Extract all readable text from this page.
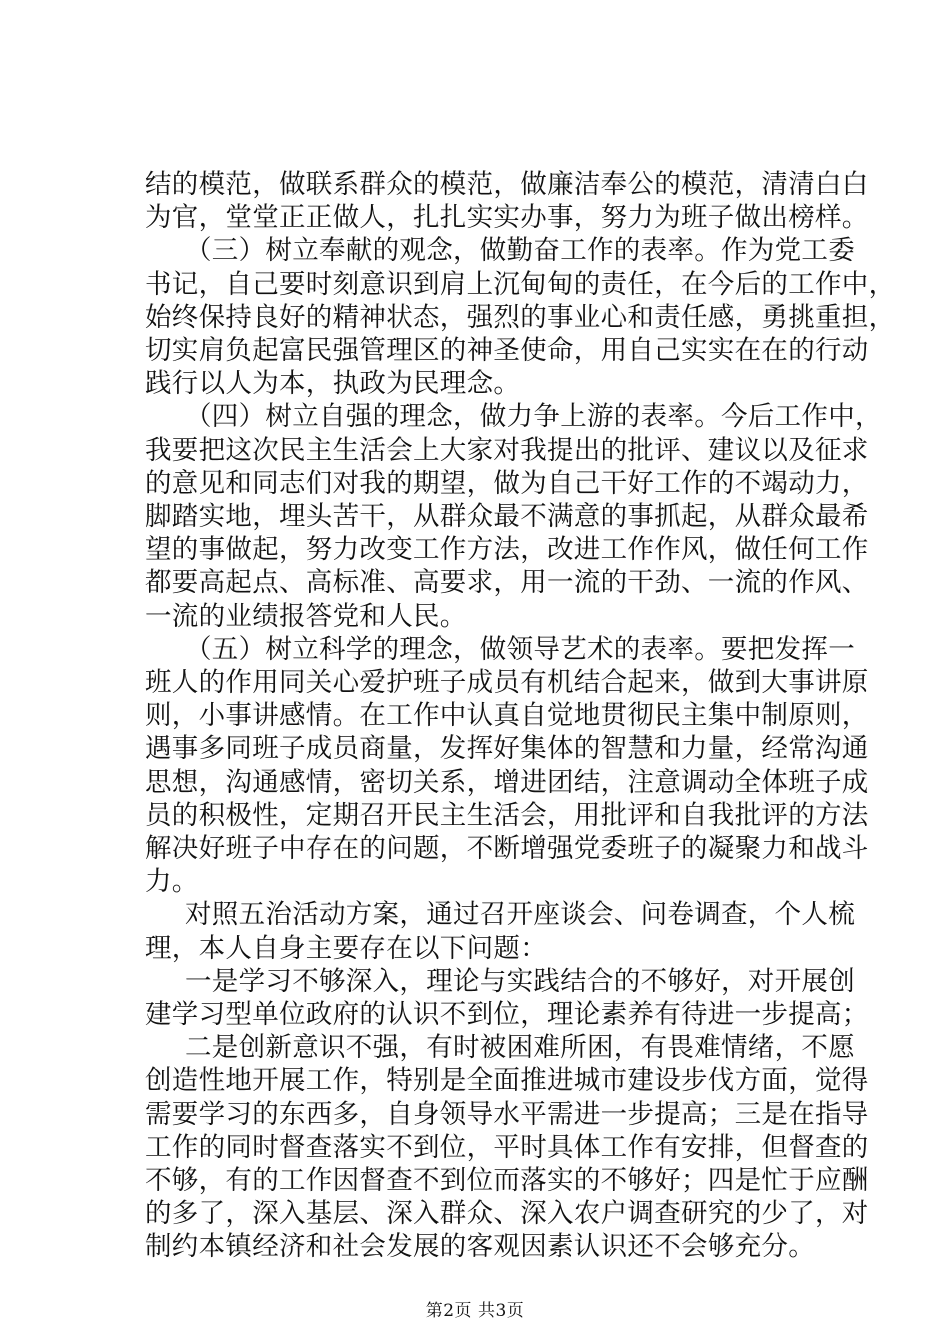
结的模范，做联系群众的模范，做廉洁奉公的模范，清清白白
为官，堂堂正正做人，扎扎实实办事，努力为班子做出榜样。
（三）树立奉献的观念，做勤奋工作的表率。作为党工委
书记，自己要时刻意识到肩上沉甸甸的责任，在今后的工作中，
始终保持良好的精神状态，强烈的事业心和责任感，勇挑重担，
切实肩负起富民强管理区的神圣使命，用自己实实在在的行动
践行以人为本，执政为民理念。
（四）树立自强的理念，做力争上游的表率。今后工作中，
我要把这次民主生活会上大家对我提出的批评、建议以及征求
的意见和同志们对我的期望，做为自己干好工作的不竭动力，
脚踏实地，埋头苦干，从群众最不满意的事抓起，从群众最希
望的事做起，努力改变工作方法，改进工作作风，做任何工作
都要高起点、高标准、高要求，用一流的干劲、一流的作风、
一流的业绩报答党和人民。
（五）树立科学的理念，做领导艺术的表率。要把发挥一
班人的作用同关心爱护班子成员有机结合起来，做到大事讲原
则，小事讲感情。在工作中认真自觉地贯彻民主集中制原则，
遇事多同班子成员商量，发挥好集体的智慧和力量，经常沟通
思想，沟通感情，密切关系，增进团结，注意调动全体班子成
员的积极性，定期召开民主生活会，用批评和自我批评的方法
解决好班子中存在的问题，不断增强党委班子的凝聚力和战斗
力。
对照五治活动方案，通过召开座谈会、问卷调查，个人梳
理，本人自身主要存在以下问题：
一是学习不够深入，理论与实践结合的不够好，对开展创
建学习型单位政府的认识不到位，理论素养有待进一步提高；
二是创新意识不强，有时被困难所困，有畏难情绪，不愿
创造性地开展工作，特别是全面推进城市建设步伐方面，觉得
需要学习的东西多，自身领导水平需进一步提高；三是在指导
工作的同时督查落实不到位，平时具体工作有安排，但督查的
不够，有的工作因督查不到位而落实的不够好；四是忙于应酬
的多了，深入基层、深入群众、深入农户调查研究的少了，对
制约本镇经济和社会发展的客观因素认识还不会够充分。
第2页 共3页
